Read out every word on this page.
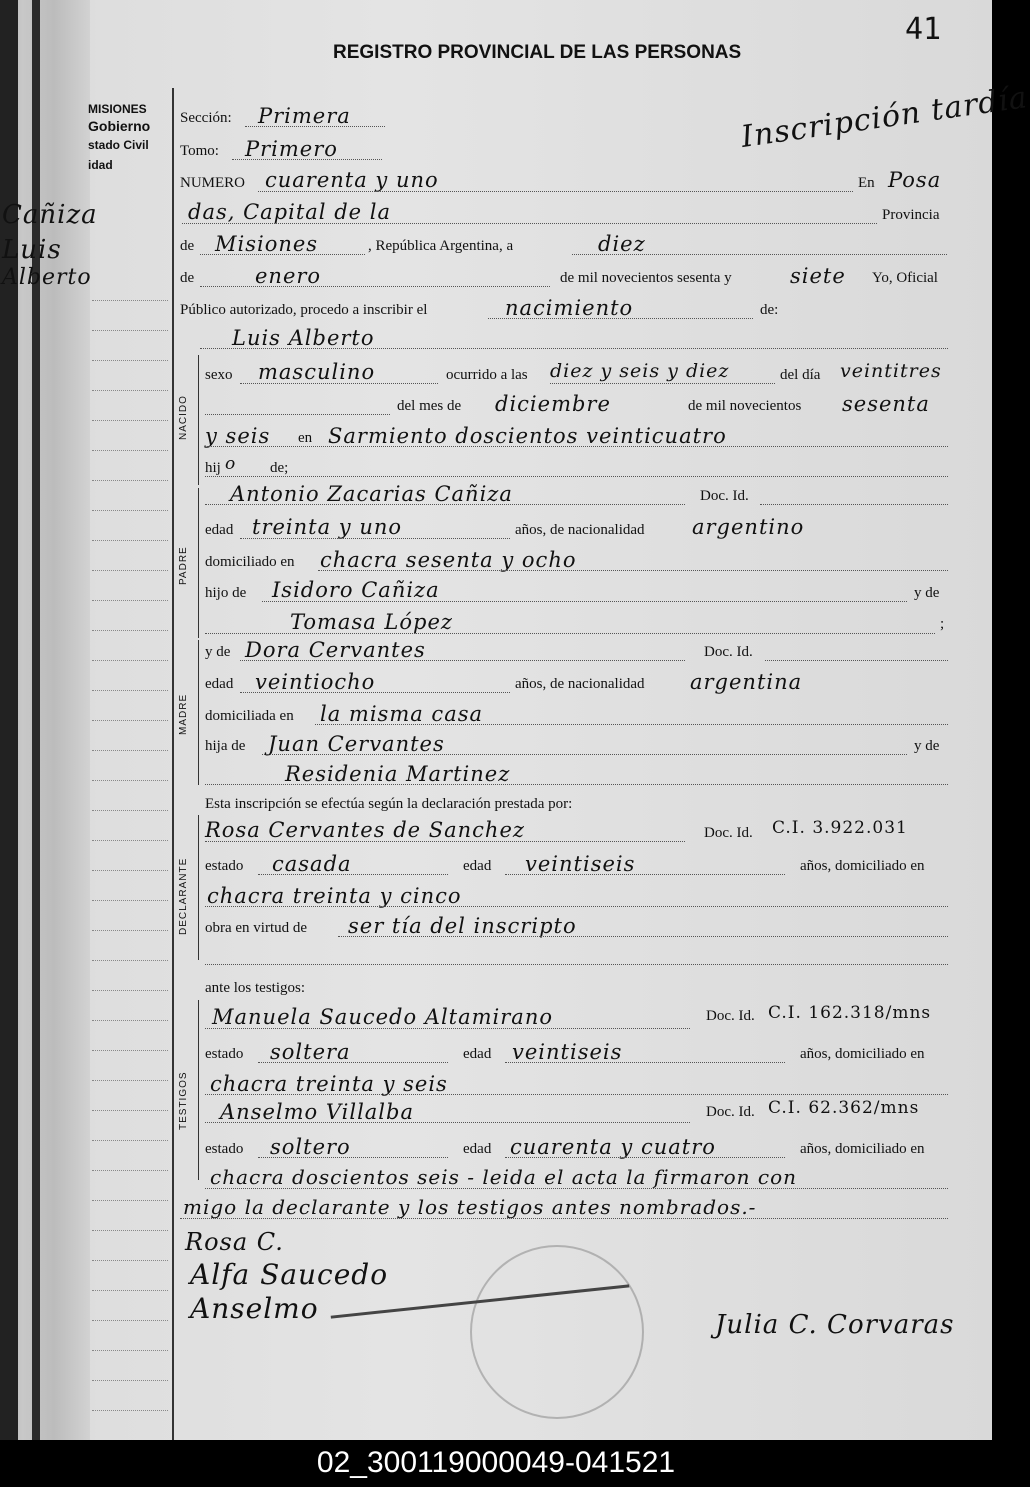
REGISTRO PROVINCIAL DE LAS PERSONAS
41
Inscripción tardía
MISIONES
Gobierno
stado Civil
idad
Cañiza
Luis
Alberto
Sección: Primera
Tomo: Primero
NUMERO cuarenta y uno	En Posa
das, Capital de la	Provincia
de Misiones	, República Argentina, a	diez
de	enero	de mil novecientos sesenta y	siete Yo, Oficial
Público autorizado, procedo a inscribir el	nacimiento	de:
Luis Alberto
NACIDO
sexo masculino	ocurrido a las diez y seis y diez	del día veintitres
del mes de diciembre	de mil novecientos sesenta
y seis en Sarmiento doscientos veinticuatro
hij o de;
PADRE
Antonio Zacarias Cañiza	Doc. Id.
edad treinta y uno	años, de nacionalidad argentino
domiciliado en chacra sesenta y ocho
hijo de Isidoro Cañiza	y de
Tomasa López	;
MADRE
y de Dora Cervantes	Doc. Id.
edad veintiocho	años, de nacionalidad argentina
domiciliada en la misma casa
hija de Juan Cervantes	y de
Residenia Martinez
Esta inscripción se efectúa según la declaración prestada por:
DECLARANTE
Rosa Cervantes de Sanchez	Doc. Id. C.I. 3.922.031
estado casada	edad veintiseis	años, domiciliado en
chacra treinta y cinco
obra en virtud de ser tía del inscripto
ante los testigos:
TESTIGOS
Manuela Saucedo Altamirano	Doc. Id. C.I. 162.318/mns
estado soltera	edad veintiseis	años, domiciliado en
chacra treinta y seis
Anselmo Villalba	Doc. Id. C.I. 62.362/mns
estado soltero	edad cuarenta y cuatro	años, domiciliado en
chacra doscientos seis - leida el acta la firmaron con
migo la declarante y los testigos antes nombrados.-
Rosa C.
Alfa Saucedo
Anselmo	Julia C. Corvaras
02_300119000049-041521
